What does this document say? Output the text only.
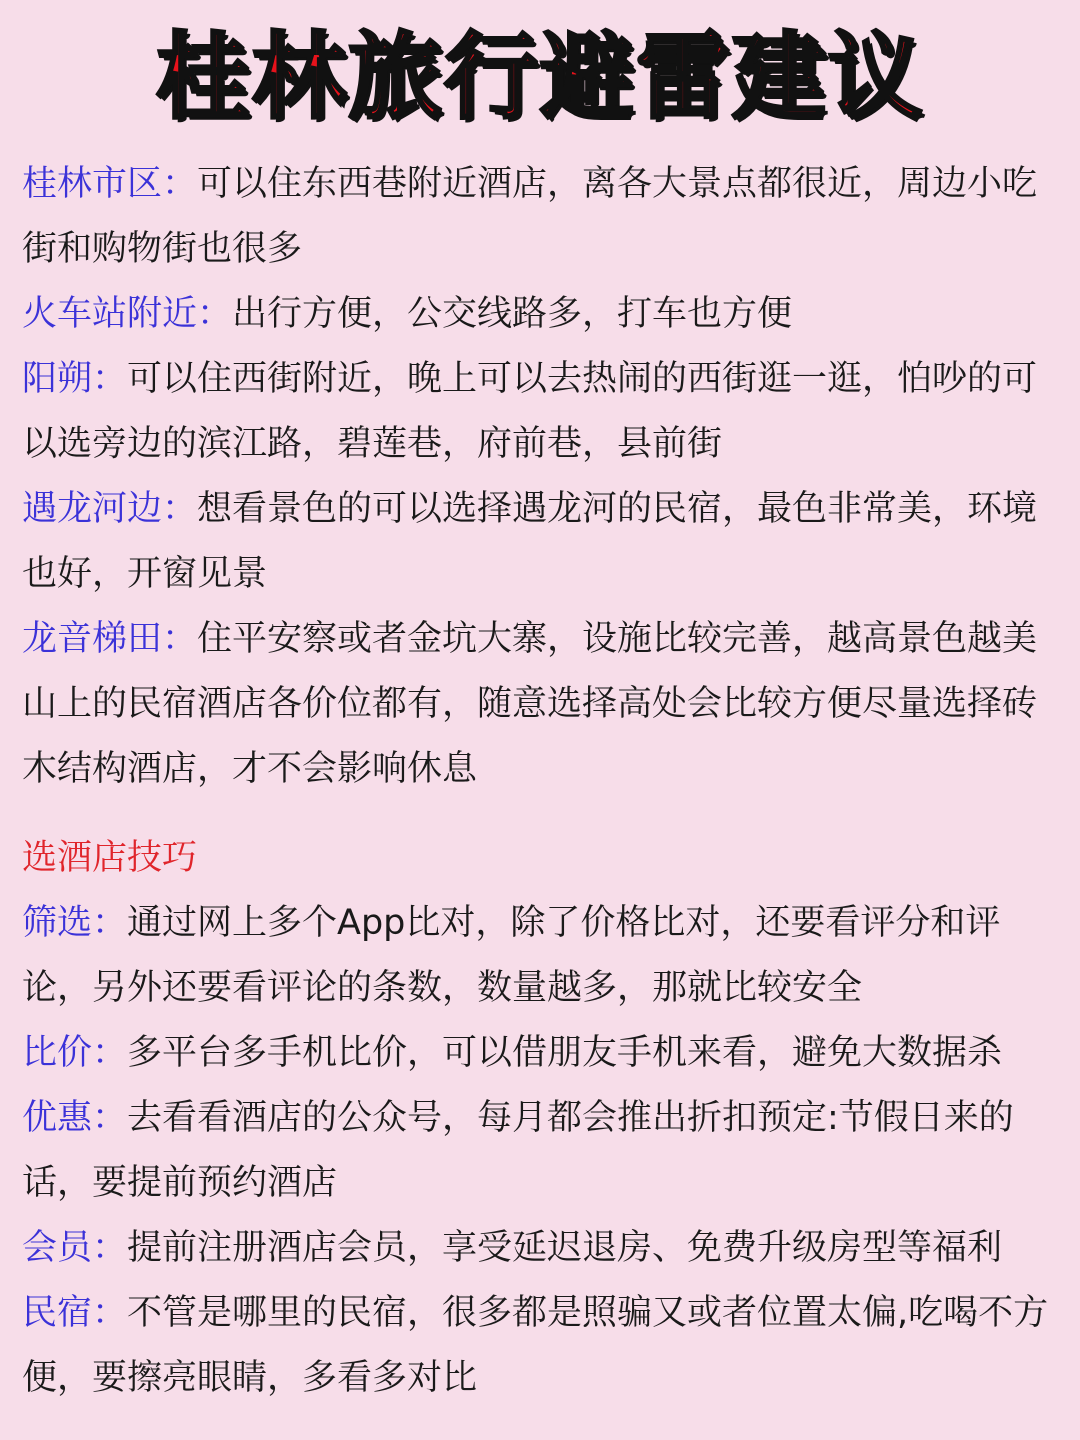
桂林旅行避雷建议

桂林市区：可以住东西巷附近酒店，离各大景点都很近，周边小吃街和购物街也很多

火车站附近：出行方便，公交线路多，打车也方便

阳朔：可以住西街附近，晚上可以去热闹的西街逛一逛，怕吵的可以选旁边的滨江路，碧莲巷，府前巷，县前街

遇龙河边：想看景色的可以选择遇龙河的民宿，最色非常美，环境也好，开窗见景

龙音梯田：住平安察或者金坑大寨，设施比较完善，越高景色越美山上的民宿酒店各价位都有，随意选择高处会比较方便尽量选择砖木结构酒店，才不会影响休息

选酒店技巧

筛选：通过网上多个App比对，除了价格比对，还要看评分和评论，另外还要看评论的条数，数量越多，那就比较安全

比价：多平台多手机比价，可以借朋友手机来看，避免大数据杀

优惠：去看看酒店的公众号，每月都会推出折扣预定:节假日来的话，要提前预约酒店

会员：提前注册酒店会员，享受延迟退房、免费升级房型等福利

民宿：不管是哪里的民宿，很多都是照骗又或者位置太偏,吃喝不方便，要擦亮眼睛，多看多对比
